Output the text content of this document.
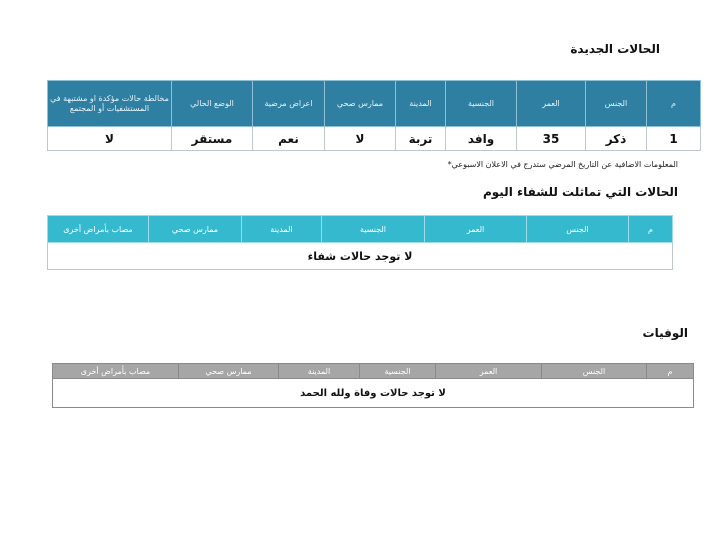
الحالات الجديدة
م	الجنس	العمر	الجنسية	المدينة	ممارس صحي	اعراض مرضية	الوضع الحالي	مخالطة حالات مؤكدة او مشتبهة في المستشفيات أو المجتمع
1	ذكر	35	وافد	تربة	لا	نعم	مستقر	لا
المعلومات الاضافية عن التاريخ المرضي ستدرج في الاعلان الاسبوعي*
الحالات التي تماثلت للشفاء اليوم
م	الجنس	العمر	الجنسية	المدينة	ممارس صحي	مصاب بأمراض أخرى
لا توجد حالات شفاء
الوفيات
م	الجنس	العمر	الجنسية	المدينة	ممارس صحي	مصاب بأمراض أخرى
لا توجد حالات وفاة ولله الحمد
